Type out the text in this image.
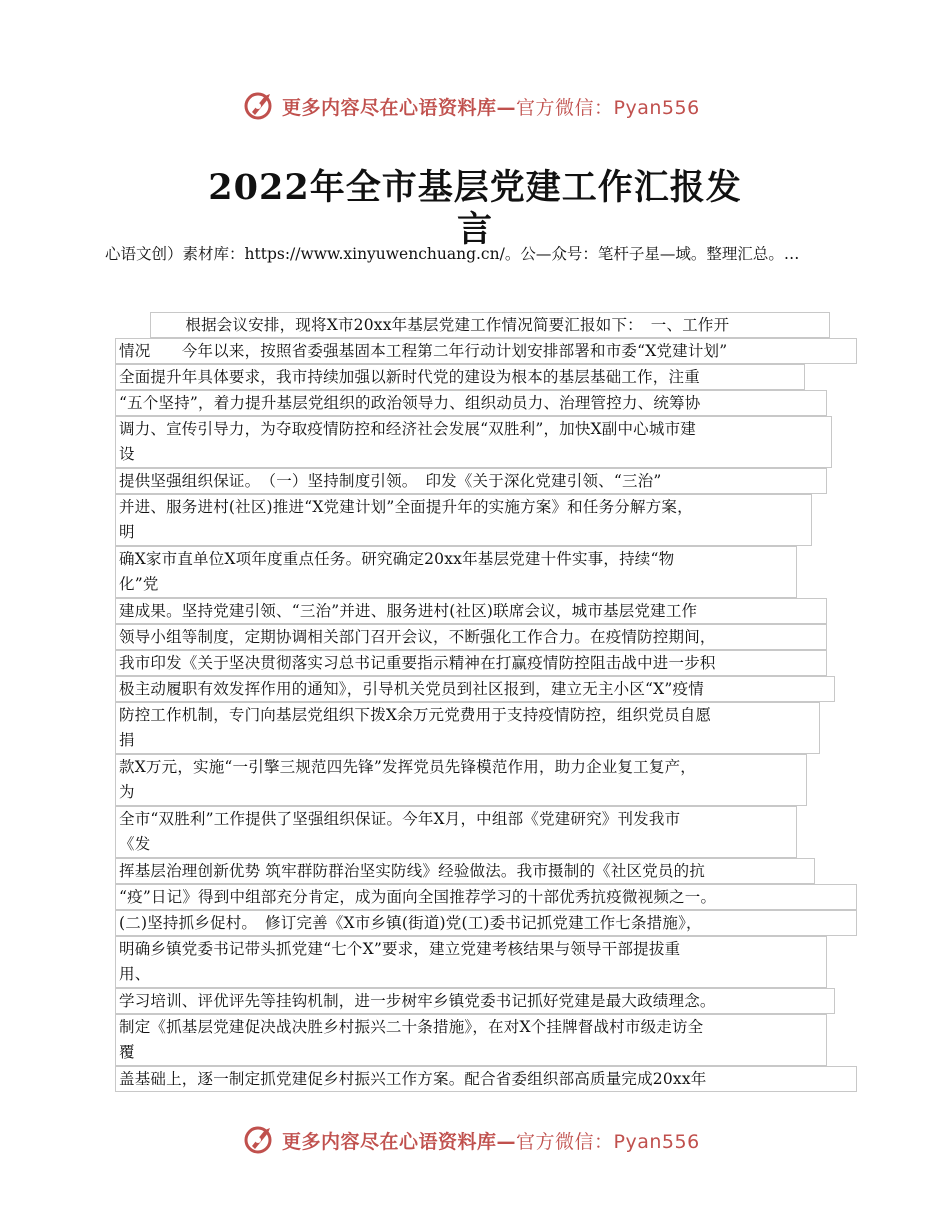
更多内容尽在心语资料库—官方微信：Pyan556
2022年全市基层党建工作汇报发
言
心语文创）素材库：https://www.xinyuwenchuang.cn/。公—众号：笔杆子星—域。整理汇总。…
　　根据会议安排，现将X市20xx年基层党建工作情况简要汇报如下：　一、工作开
情况　　今年以来，按照省委强基固本工程第二年行动计划安排部署和市委“X党建计划”
全面提升年具体要求，我市持续加强以新时代党的建设为根本的基层基础工作，注重
“五个坚持”，着力提升基层党组织的政治领导力、组织动员力、治理管控力、统筹协
调力、宣传引导力，为夺取疫情防控和经济社会发展“双胜利”，加快X副中心城市建
设
提供坚强组织保证。　（一）坚持制度引领。　印发《关于深化党建引领、“三治”
并进、服务进村(社区)推进“X党建计划”全面提升年的实施方案》和任务分解方案，
明
确X家市直单位X项年度重点任务。研究确定20xx年基层党建十件实事，持续“物
化”党
建成果。坚持党建引领、“三治”并进、服务进村(社区)联席会议，城市基层党建工作
领导小组等制度，定期协调相关部门召开会议，不断强化工作合力。在疫情防控期间，
我市印发《关于坚决贯彻落实习总书记重要指示精神在打赢疫情防控阻击战中进一步积
极主动履职有效发挥作用的通知》，引导机关党员到社区报到，建立无主小区“X”疫情
防控工作机制，专门向基层党组织下拨X余万元党费用于支持疫情防控，组织党员自愿
捐
款X万元，实施“一引擎三规范四先锋”发挥党员先锋模范作用，助力企业复工复产，
为
全市“双胜利”工作提供了坚强组织保证。今年X月，中组部《党建研究》刊发我市
《发
挥基层治理创新优势 筑牢群防群治坚实防线》经验做法。我市摄制的《社区党员的抗
“疫”日记》得到中组部充分肯定，成为面向全国推荐学习的十部优秀抗疫微视频之一。
(二)坚持抓乡促村。　修订完善《X市乡镇(街道)党(工)委书记抓党建工作七条措施》，
明确乡镇党委书记带头抓党建“七个X”要求，建立党建考核结果与领导干部提拔重
用、
学习培训、评优评先等挂钩机制，进一步树牢乡镇党委书记抓好党建是最大政绩理念。
制定《抓基层党建促决战决胜乡村振兴二十条措施》，在对X个挂牌督战村市级走访全
覆
盖基础上，逐一制定抓党建促乡村振兴工作方案。配合省委组织部高质量完成20xx年
更多内容尽在心语资料库—官方微信：Pyan556
